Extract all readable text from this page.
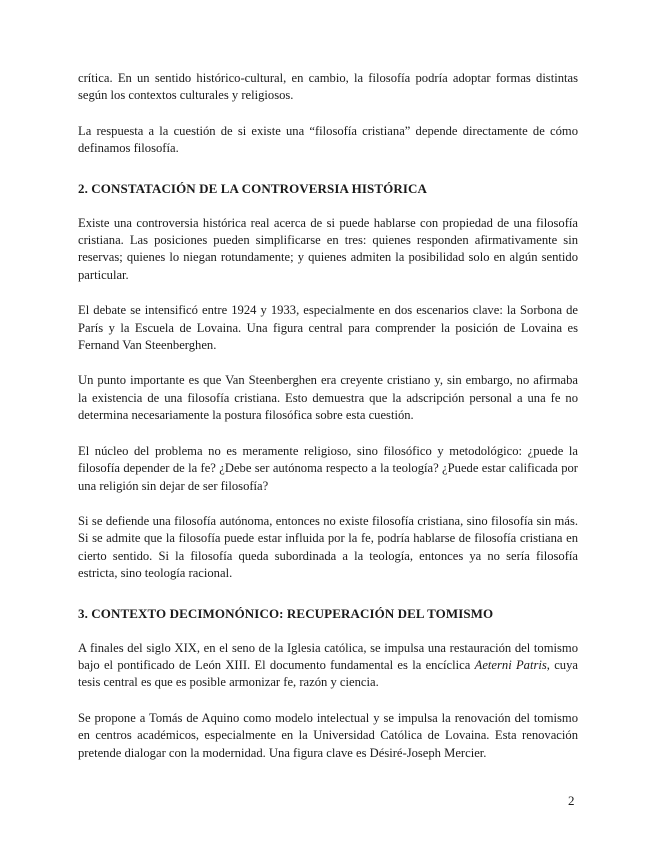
crítica. En un sentido histórico-cultural, en cambio, la filosofía podría adoptar formas distintas según los contextos culturales y religiosos.

La respuesta a la cuestión de si existe una “filosofía cristiana” depende directamente de cómo definamos filosofía.

2. CONSTATACIÓN DE LA CONTROVERSIA HISTÓRICA

Existe una controversia histórica real acerca de si puede hablarse con propiedad de una filosofía cristiana. Las posiciones pueden simplificarse en tres: quienes responden afirmativamente sin reservas; quienes lo niegan rotundamente; y quienes admiten la posibilidad solo en algún sentido particular.

El debate se intensificó entre 1924 y 1933, especialmente en dos escenarios clave: la Sorbona de París y la Escuela de Lovaina. Una figura central para comprender la posición de Lovaina es Fernand Van Steenberghen.

Un punto importante es que Van Steenberghen era creyente cristiano y, sin embargo, no afirmaba la existencia de una filosofía cristiana. Esto demuestra que la adscripción personal a una fe no determina necesariamente la postura filosófica sobre esta cuestión.

El núcleo del problema no es meramente religioso, sino filosófico y metodológico: ¿puede la filosofía depender de la fe? ¿Debe ser autónoma respecto a la teología? ¿Puede estar calificada por una religión sin dejar de ser filosofía?

Si se defiende una filosofía autónoma, entonces no existe filosofía cristiana, sino filosofía sin más. Si se admite que la filosofía puede estar influida por la fe, podría hablarse de filosofía cristiana en cierto sentido. Si la filosofía queda subordinada a la teología, entonces ya no sería filosofía estricta, sino teología racional.

3. CONTEXTO DECIMONÓNICO: RECUPERACIÓN DEL TOMISMO

A finales del siglo XIX, en el seno de la Iglesia católica, se impulsa una restauración del tomismo bajo el pontificado de León XIII. El documento fundamental es la encíclica Aeterni Patris, cuya tesis central es que es posible armonizar fe, razón y ciencia.

Se propone a Tomás de Aquino como modelo intelectual y se impulsa la renovación del tomismo en centros académicos, especialmente en la Universidad Católica de Lovaina. Esta renovación pretende dialogar con la modernidad. Una figura clave es Désiré-Joseph Mercier.

2
